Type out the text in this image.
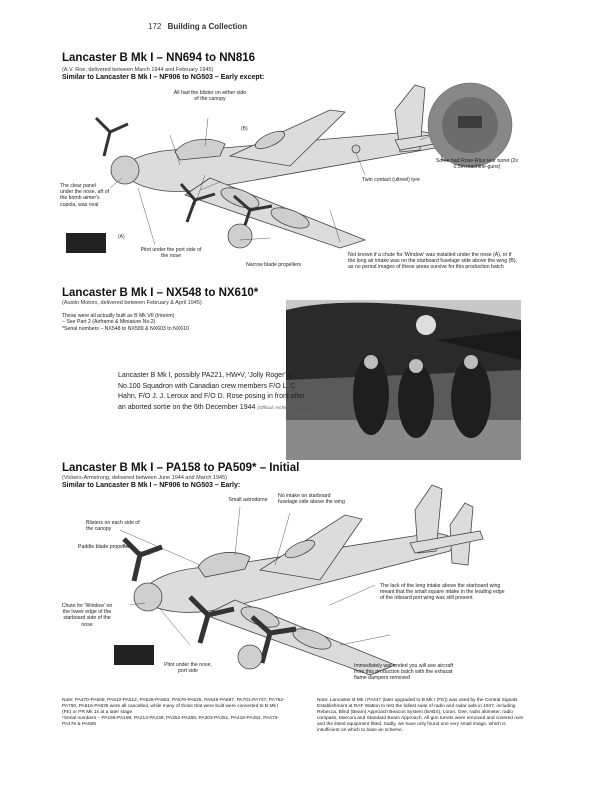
172 Building a Collection
Lancaster B Mk I – NN694 to NN816
(A.V. Roe, delivered between March 1944 and February 1945)
Similar to Lancaster B Mk I – NF906 to NG503 – Early except:
(B)
(A)
All had the blister on either side of the canopy
Some had Rose-Rice rear turret (2x 0.5in machine-guns)
Twin contact (ultreel) tyre
The clear panel under the nose, aft of the bomb aimer's cupola, was oval
Pitot under the port side of the nose
Narrow blade propellers
Not known if a chute for 'Window' was installed under the nose (A), or if the long air intake was on the starboard fuselage side above the wing (B), as no period images of these areas survive for this production batch
Lancaster B Mk I – NX548 to NX610*
(Austin Motors, delivered between February & April 1945)
These were all actually built as B Mk VII (Interim)
– See Part 2 (Airframe & Miniature No.2)
*Serial numbers – NX548 to NX589 & NX603 to NX610
Lancaster B Mk I, possibly PA221, HW•V, 'Jolly Roger' of No.100 Squadron with Canadian crew members F/O L. C. Hahn, F/O J. J. Leroux and F/O D. Rose posing in front after an aborted sortie on the 6th December 1944 (Official: Archive of Canada)
Lancaster B Mk I – PA158 to PA509* – Initial
(Vickers-Armstrong, delivered between June 1944 and March 1945)
Similar to Lancaster B Mk I – NF906 to NG503 – Early:
Small astrodome
No intake on starboard fuselage side above the wing
Blisters on each side of the canopy
Paddle blade propellers
The lack of the long intake above the starboard wing meant that the small square intake in the leading edge of the inboard port wing was still present
Chute for 'Window' on the lower edge of the starboard side of the nose
Pitot under the nose, port side
Immediately war ended you will see aircraft from this production batch with the exhaust flame dampers removed
Note: PA470-PA508, PA510-PA512, PA526-PA563, PA576-PA625, PA646-PA687, PA701-PA737, PA752-PA790, PA816-PA835 were all cancelled, while many of those that were built were converted to B Mk I (FE) or PR Mk 1s at a later stage
*Serial numbers – PA158-PA198, PA214-PA238, PA252-PA288, PA303-PA351, PA416-PA452, PA473-PA478 & PA509
Note: Lancaster B Mk I PA447 (later upgraded to B Mk I (FE)) was used by the Central Signals Establishment at RAF Watton to test the fullest suite of radio and radar aids in 1947, including Rebecca, Blind (Beam) Approach Beacon System (BABS), Loran, Gee, radio altimeter, radio compass, Marconi and Standard Beam Approach. All gun turrets were removed and covered over and the listed equipment fitted. Sadly, we have only found one very small image, which is insufficient on which to base an scheme.
